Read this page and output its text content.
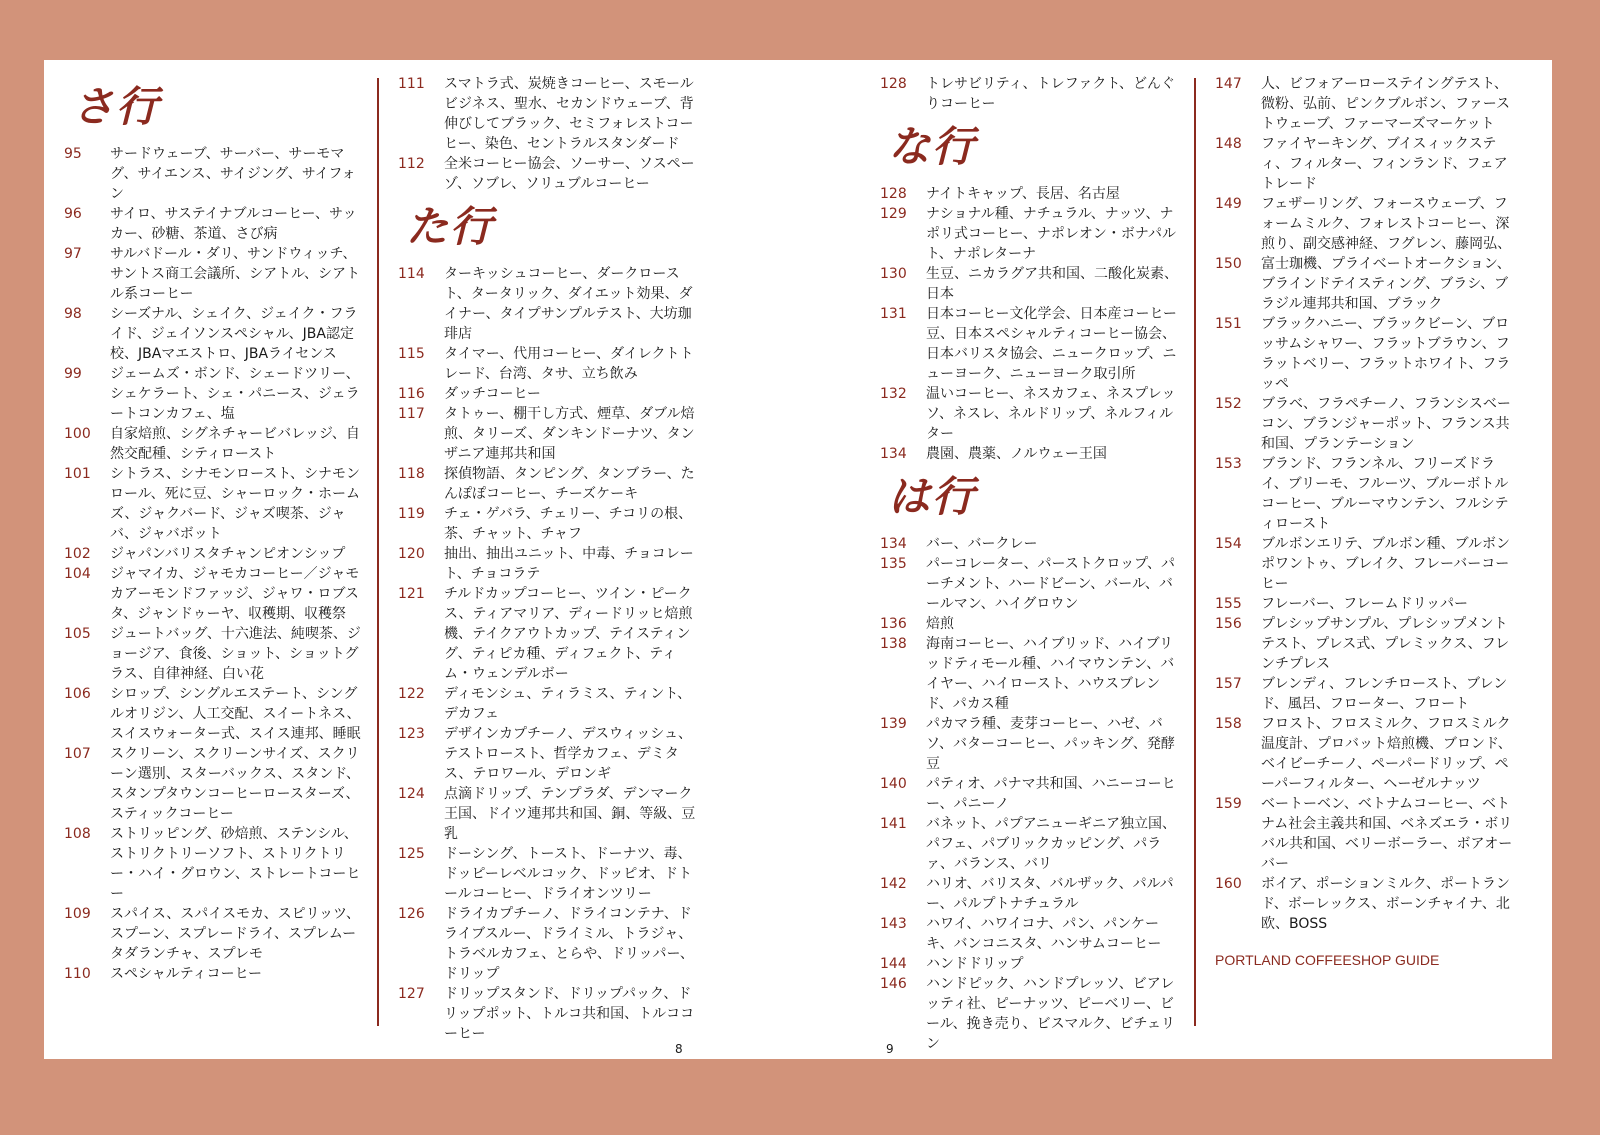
さ行
95	サードウェーブ、サーバー、サーモマグ、サイエンス、サイジング、サイフォン
96	サイロ、サステイナブルコーヒー、サッカー、砂糖、茶道、さび病
97	サルバドール・ダリ、サンドウィッチ、サントス商工会議所、シアトル、シアトル系コーヒー
98	シーズナル、シェイク、ジェイク・フライド、ジェイソンスペシャル、JBA認定校、JBAマエストロ、JBAライセンス
99	ジェームズ・ボンド、シェードツリー、シェケラート、シェ・パニース、ジェラートコンカフェ、塩
100	自家焙煎、シグネチャービバレッジ、自然交配種、シティロースト
101	シトラス、シナモンロースト、シナモンロール、死に豆、シャーロック・ホームズ、ジャクバード、ジャズ喫茶、ジャバ、ジャバボット
102	ジャパンバリスタチャンピオンシップ
104	ジャマイカ、ジャモカコーヒー／ジャモカアーモンドファッジ、ジャワ・ロブスタ、ジャンドゥーヤ、収穫期、収穫祭
105	ジュートバッグ、十六進法、純喫茶、ジョージア、食後、ショット、ショットグラス、自律神経、白い花
106	シロップ、シングルエステート、シングルオリジン、人工交配、スイートネス、スイスウォーター式、スイス連邦、睡眠
107	スクリーン、スクリーンサイズ、スクリーン選別、スターバックス、スタンド、スタンプタウンコーヒーロースターズ、スティックコーヒー
108	ストリッピング、砂焙煎、ステンシル、ストリクトリーソフト、ストリクトリー・ハイ・グロウン、ストレートコーヒー
109	スパイス、スパイスモカ、スピリッツ、スプーン、スプレードライ、スプレムータダランチャ、スプレモ
110	スペシャルティコーヒー
111	スマトラ式、炭焼きコーヒー、スモールビジネス、聖水、セカンドウェーブ、背伸びしてブラック、セミフォレストコーヒー、染色、セントラルスタンダード
112	全米コーヒー協会、ソーサー、ソスペーゾ、ソブレ、ソリュブルコーヒー
た行
114	ターキッシュコーヒー、ダークロースト、タータリック、ダイエット効果、ダイナー、タイプサンプルテスト、大坊珈琲店
115	タイマー、代用コーヒー、ダイレクトトレード、台湾、タサ、立ち飲み
116	ダッチコーヒー
117	タトゥー、棚干し方式、煙草、ダブル焙煎、タリーズ、ダンキンドーナツ、タンザニア連邦共和国
118	探偵物語、タンピング、タンブラー、たんぽぽコーヒー、チーズケーキ
119	チェ・ゲバラ、チェリー、チコリの根、茶、チャット、チャフ
120	抽出、抽出ユニット、中毒、チョコレート、チョコラテ
121	チルドカップコーヒー、ツイン・ピークス、ティアマリア、ディードリッヒ焙煎機、テイクアウトカップ、テイスティング、ティピカ種、ディフェクト、ティム・ウェンデルボー
122	ディモンシュ、ティラミス、ティント、デカフェ
123	デザインカプチーノ、デスウィッシュ、テストロースト、哲学カフェ、デミタス、テロワール、デロンギ
124	点滴ドリップ、テンプラダ、デンマーク王国、ドイツ連邦共和国、銅、等級、豆乳
125	ドーシング、トースト、ドーナツ、毒、ドッピーレベルコック、ドッピオ、ドトールコーヒー、ドライオンツリー
126	ドライカプチーノ、ドライコンテナ、ドライブスルー、ドライミル、トラジャ、トラベルカフェ、とらや、ドリッパー、ドリップ
127	ドリップスタンド、ドリップパック、ドリップポット、トルコ共和国、トルココーヒー
128	トレサビリティ、トレファクト、どんぐりコーヒー
な行
128	ナイトキャップ、長居、名古屋
129	ナショナル種、ナチュラル、ナッツ、ナポリ式コーヒー、ナポレオン・ボナパルト、ナポレターナ
130	生豆、ニカラグア共和国、二酸化炭素、日本
131	日本コーヒー文化学会、日本産コーヒー豆、日本スペシャルティコーヒー協会、日本バリスタ協会、ニュークロップ、ニューヨーク、ニューヨーク取引所
132	温いコーヒー、ネスカフェ、ネスプレッソ、ネスレ、ネルドリップ、ネルフィルター
134	農園、農薬、ノルウェー王国
は行
134	バー、バークレー
135	パーコレーター、パーストクロップ、パーチメント、ハードビーン、バール、バールマン、ハイグロウン
136	焙煎
138	海南コーヒー、ハイブリッド、ハイブリッドティモール種、ハイマウンテン、バイヤー、ハイロースト、ハウスブレンド、パカス種
139	パカマラ種、麦芽コーヒー、ハゼ、バソ、バターコーヒー、パッキング、発酵豆
140	パティオ、パナマ共和国、ハニーコーヒー、パニーノ
141	バネット、パプアニューギニア独立国、パフェ、パブリックカッピング、パラァ、バランス、バリ
142	ハリオ、バリスタ、バルザック、パルパー、パルプトナチュラル
143	ハワイ、ハワイコナ、パン、パンケーキ、バンコニスタ、ハンサムコーヒー
144	ハンドドリップ
146	ハンドピック、ハンドプレッソ、ビアレッティ社、ピーナッツ、ピーベリー、ビール、挽き売り、ビスマルク、ビチェリン
147	人、ビフォアーローステイングテスト、微粉、弘前、ピンクブルボン、ファーストウェーブ、ファーマーズマーケット
148	ファイヤーキング、ブイスィックスティ、フィルター、フィンランド、フェアトレード
149	フェザーリング、フォースウェーブ、フォームミルク、フォレストコーヒー、深煎り、副交感神経、フグレン、藤岡弘、
150	富士珈機、プライベートオークション、ブラインドテイスティング、ブラシ、ブラジル連邦共和国、ブラック
151	ブラックハニー、ブラックビーン、ブロッサムシャワー、フラットブラウン、フラットベリー、フラットホワイト、フラッペ
152	ブラベ、フラペチーノ、フランシスベーコン、ブランジャーポット、フランス共和国、プランテーション
153	ブランド、フランネル、フリーズドライ、ブリーモ、フルーツ、ブルーボトルコーヒー、ブルーマウンテン、フルシティロースト
154	ブルボンエリテ、ブルボン種、ブルボンポワントゥ、ブレイク、フレーバーコーヒー
155	フレーバー、フレームドリッパー
156	プレシップサンプル、プレシップメントテスト、プレス式、プレミックス、フレンチプレス
157	ブレンディ、フレンチロースト、ブレンド、風呂、フローター、フロート
158	フロスト、フロスミルク、フロスミルク温度計、プロバット焙煎機、ブロンド、ベイビーチーノ、ペーパードリップ、ペーパーフィルター、ヘーゼルナッツ
159	ベートーベン、ベトナムコーヒー、ベトナム社会主義共和国、ベネズエラ・ボリバル共和国、ベリーボーラー、ボアオーバー
160	ボイア、ポーションミルク、ポートランド、ボーレックス、ボーンチャイナ、北欧、BOSS
PORTLAND COFFEESHOP GUIDE
8	9
